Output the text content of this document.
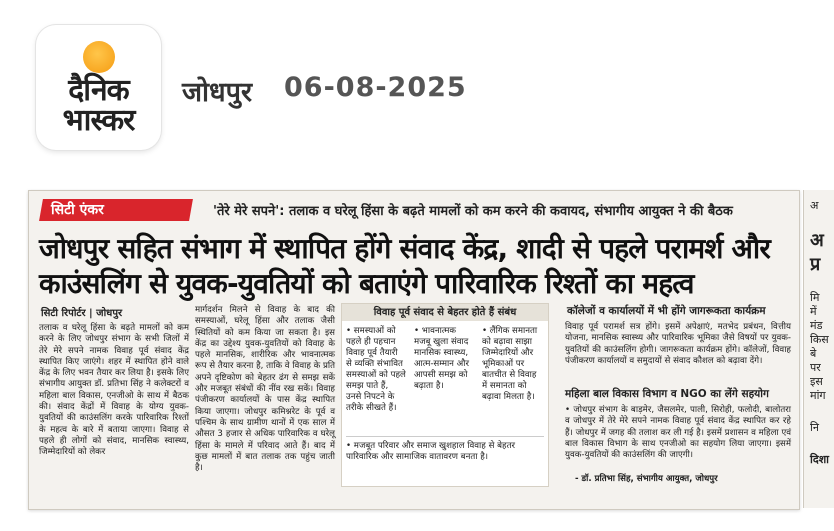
दैनिक
भास्कर
जोधपुर 06-08-2025
सिटी एंकर	'तेरे मेरे सपने': तलाक व घरेलू हिंसा के बढ़ते मामलों को कम करने की कवायद, संभागीय आयुक्त ने की बैठक
जोधपुर सहित संभाग में स्थापित होंगे संवाद केंद्र, शादी से पहले परामर्श और
काउंसलिंग से युवक-युवतियों को बताएंगे पारिवारिक रिश्तों का महत्व
सिटी रिपोर्टर | जोधपुर
तलाक व घरेलू हिंसा के बढ़ते मामलों को कम करने के लिए जोधपुर संभाग के सभी जिलों में तेरे मेरे सपने नामक विवाह पूर्व संवाद केंद्र स्थापित किए जाएंगे। शहर में स्थापित होने वाले केंद्र के लिए भवन तैयार कर लिया है। इसके लिए संभागीय आयुक्त डॉ. प्रतिभा सिंह ने कलेक्टरों व महिला बाल विकास, एनजीओ के साथ में बैठक की। संवाद केंद्रों में विवाह के योग्य युवक-युवतियों की काउंसलिंग करके पारिवारिक रिश्तों के महत्व के बारे में बताया जाएगा। विवाह से पहले ही लोगों को संवाद, मानसिक स्वास्थ्य, जिम्मेदारियों को लेकर
मार्गदर्शन मिलने से विवाह के बाद की समस्याओं, घरेलू हिंसा और तलाक जैसी स्थितियों को कम किया जा सकता है। इस केंद्र का उद्देश्य युवक-युवतियों को विवाह के पहले मानसिक, शारीरिक और भावनात्मक रूप से तैयार करना है, ताकि वे विवाह के प्रति अपने दृष्टिकोण को बेहतर ढंग से समझ सकें और मजबूत संबंधों की नींव रख सकें। विवाह पंजीकरण कार्यालयों के पास केंद्र स्थापित किया जाएगा। जोधपुर कमिश्नरेट के पूर्व व पश्चिम के साथ ग्रामीण थानों में एक साल में औसत 3 हजार से अधिक पारिवारिक व घरेलू हिंसा के मामले में परिवाद आते हैं। बाद में कुछ मामलों में बात तलाक तक पहुंच जाती है।
विवाह पूर्व संवाद से बेहतर होते हैं संबंध
• समस्याओं को पहले ही पहचान विवाह पूर्व तैयारी से व्यक्ति संभावित समस्याओं को पहले समझ पाते हैं, उनसे निपटने के तरीके सीखते हैं।
• भावनात्मक मजबू खुला संवाद मानसिक स्वास्थ्य, आत्म-सम्मान और आपसी समझ को बढ़ाता है।
• लैंगिक समानता को बढ़ावा साझा जिम्मेदारियों और भूमिकाओं पर बातचीत से विवाह में समानता को बढ़ावा मिलता है।
• मजबूत परिवार और समाज खुशहाल विवाह से बेहतर पारिवारिक और सामाजिक वातावरण बनता है।
कॉलेजों व कार्यालयों में भी होंगे जागरूकता कार्यक्रम
विवाह पूर्व परामर्श सत्र होंगे। इसमें अपेक्षाएं, मतभेद प्रबंधन, वित्तीय योजना, मानसिक स्वास्थ्य और पारिवारिक भूमिका जैसे विषयों पर युवक-युवतियों की काउंसलिंग होगी। जागरूकता कार्यक्रम होंगे। कॉलेजों, विवाह पंजीकरण कार्यालयों व समुदायों से संवाद कौशल को बढ़ावा देंगे।
महिला बाल विकास विभाग व NGO का लेंगे सहयोग
• जोधपुर संभाग के बाड़मेर, जैसलमेर, पाली, सिरोही, फलोदी, बालोतरा व जोधपुर में तेरे मेरे सपने नामक विवाह पूर्व संवाद केंद्र स्थापित कर रहे हैं। जोधपुर में जगह की तलाश कर ली गई है। इसमें प्रशासन व महिला एवं बाल विकास विभाग के साथ एनजीओ का सहयोग लिया जाएगा। इसमें युवक-युवतियों की काउंसलिंग की जाएगी।
- डॉ. प्रतिभा सिंह, संभागीय आयुक्त, जोधपुर
अ
अ
प्र
मि
में
मंड
किस
बे
पर
इस
मांग
नि
दिशा
